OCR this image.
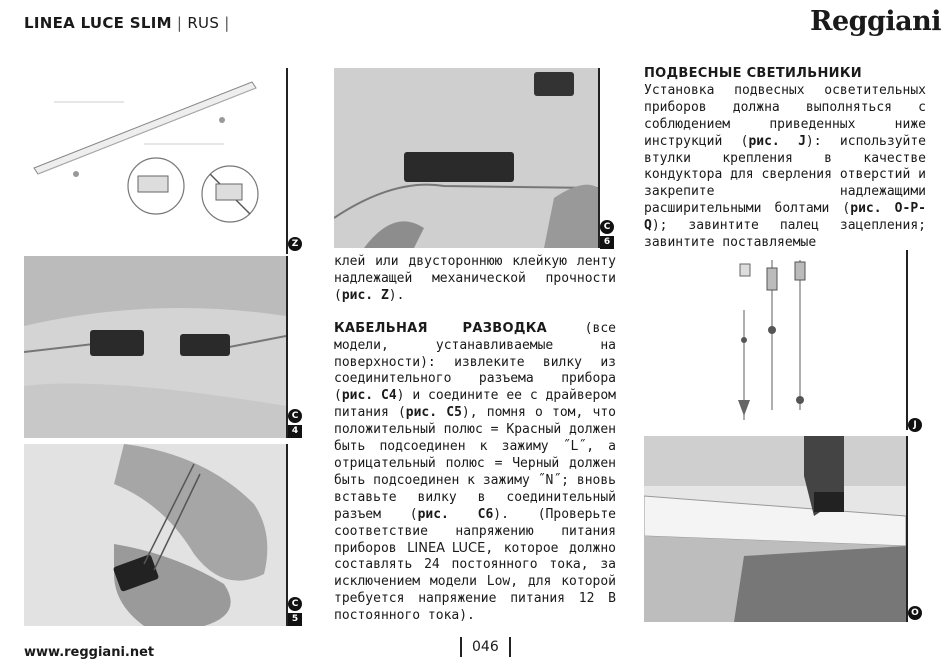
LINEA LUCE SLIM | RUS |	Reggiani
Z
C
6
C
4
C
5

клей или двустороннюю клейкую ленту надлежащей механической прочности (рис. Z).

КАБЕЛЬНАЯ РАЗВОДКА (все модели, устанавливаемые на поверхности): извлеките вилку из соединительного разъема прибора (рис. C4) и соедините ее с драйвером питания (рис. C5), помня о том, что положительный полюс = Красный должен быть подсоединен к зажиму ˝L˝, а отрицательный полюс = Черный должен быть подсоединен к зажиму ˝N˝; вновь вставьте вилку в соединительный разъем (рис. C6). (Проверьте соответствие напряжению питания приборов LINEA LUCE, которое должно составлять 24 постоянного тока, за исключением модели Low, для которой требуется напряжение питания 12 В постоянного тока).

ПОДВЕСНЫЕ СВЕТИЛЬНИКИ

Установка подвесных осветительных приборов должна выполняться с соблюдением приведенных ниже инструкций (рис. J): используйте втулки крепления в качестве кондуктора для сверления отверстий и закрепите надлежащими расширительными болтами (рис. O-P-Q); завинтите палец зацепления; завинтите поставляемые

J
O
www.reggiani.net	046
